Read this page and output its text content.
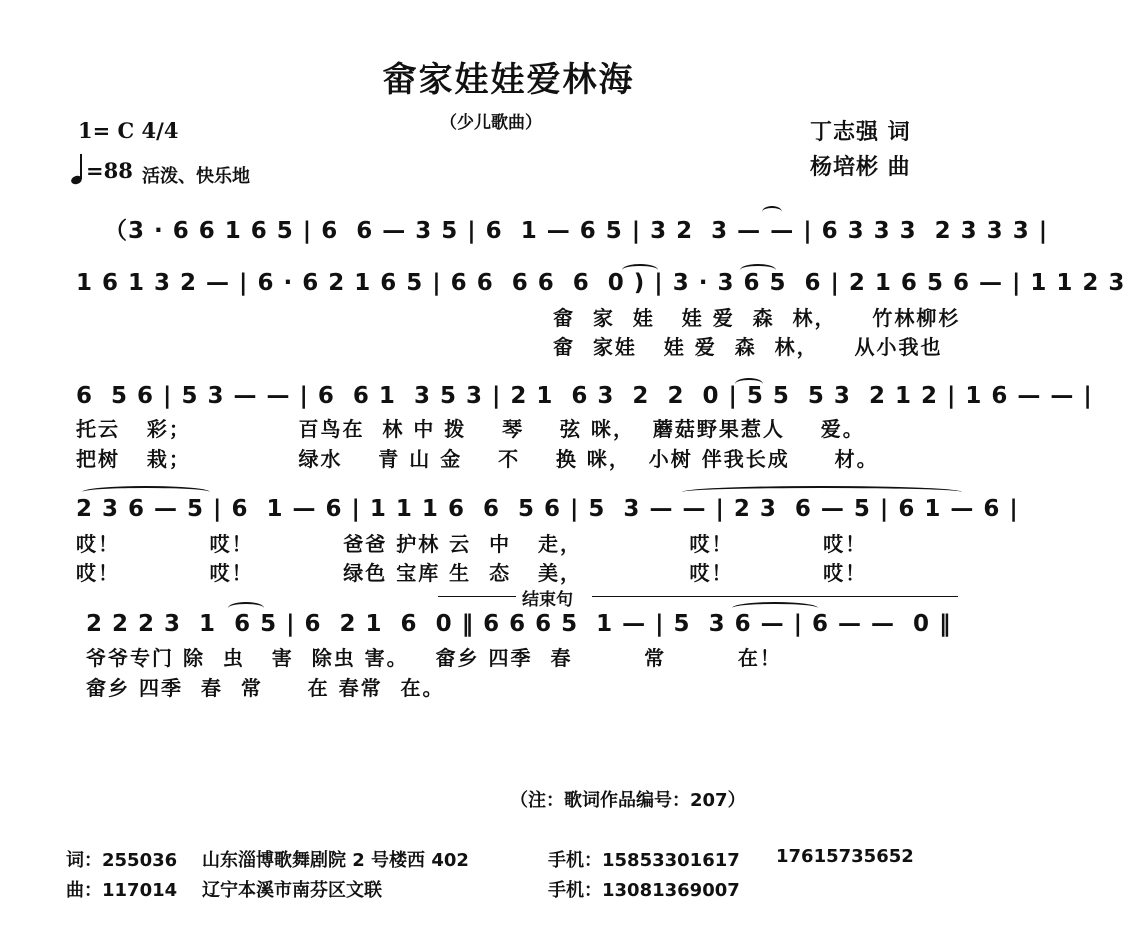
畲家娃娃爱林海
（少儿歌曲）
1= C 4/4
=88 活泼、快乐地
丁志强 词
杨培彬 曲
（3 · 6 6 1 6 5 | 6  6 — 3 5 | 6  1 — 6 5 | 3 2  3 — — | 6 3 3 3  2 3 3 3 |
1 6 1 3 2 — | 6 · 6 2 1 6 5 | 6 6  6 6  6  0 ) | 3 · 3 6 5  6 | 2 1 6 5 6 — | 1 1 2 3
畲  家  娃   娃 爱  森  林，    竹林柳杉
畲  家娃   娃 爱  森  林，    从小我也
6  5 6 | 5 3 — — | 6  6 1  3 5 3 | 2 1  6 3  2  2  0 | 5 5  5 3  2 1 2 | 1 6 — — |
托云   彩；            百鸟在  林 中 拨    琴    弦 咪，  蘑菇野果惹人    爱。
把树   栽；            绿水    青 山 金    不    换 咪，  小树 伴我长成     材。
2 3 6 — 5 | 6  1 — 6 | 1 1 1 6  6  5 6 | 5  3 — — | 2 3  6 — 5 | 6 1 — 6 |
哎！          哎！          爸爸 护林 云  中   走，            哎！          哎！
哎！          哎！          绿色 宝库 生  态   美，            哎！          哎！
结束句
2 2 2 3  1  6 5 | 6  2 1  6  0 ‖ 6 6 6 5  1 — | 5  3 6 — | 6 — —  0 ‖
爷爷专门 除  虫   害  除虫 害。   畲乡 四季  春        常        在！
畲乡 四季  春  常     在 春常  在。
（注：歌词作品编号：207）
词：255036 山东淄博歌舞剧院 2 号楼西 402	手机：15853301617 17615735652
曲：117014 辽宁本溪市南芬区文联	手机：13081369007
